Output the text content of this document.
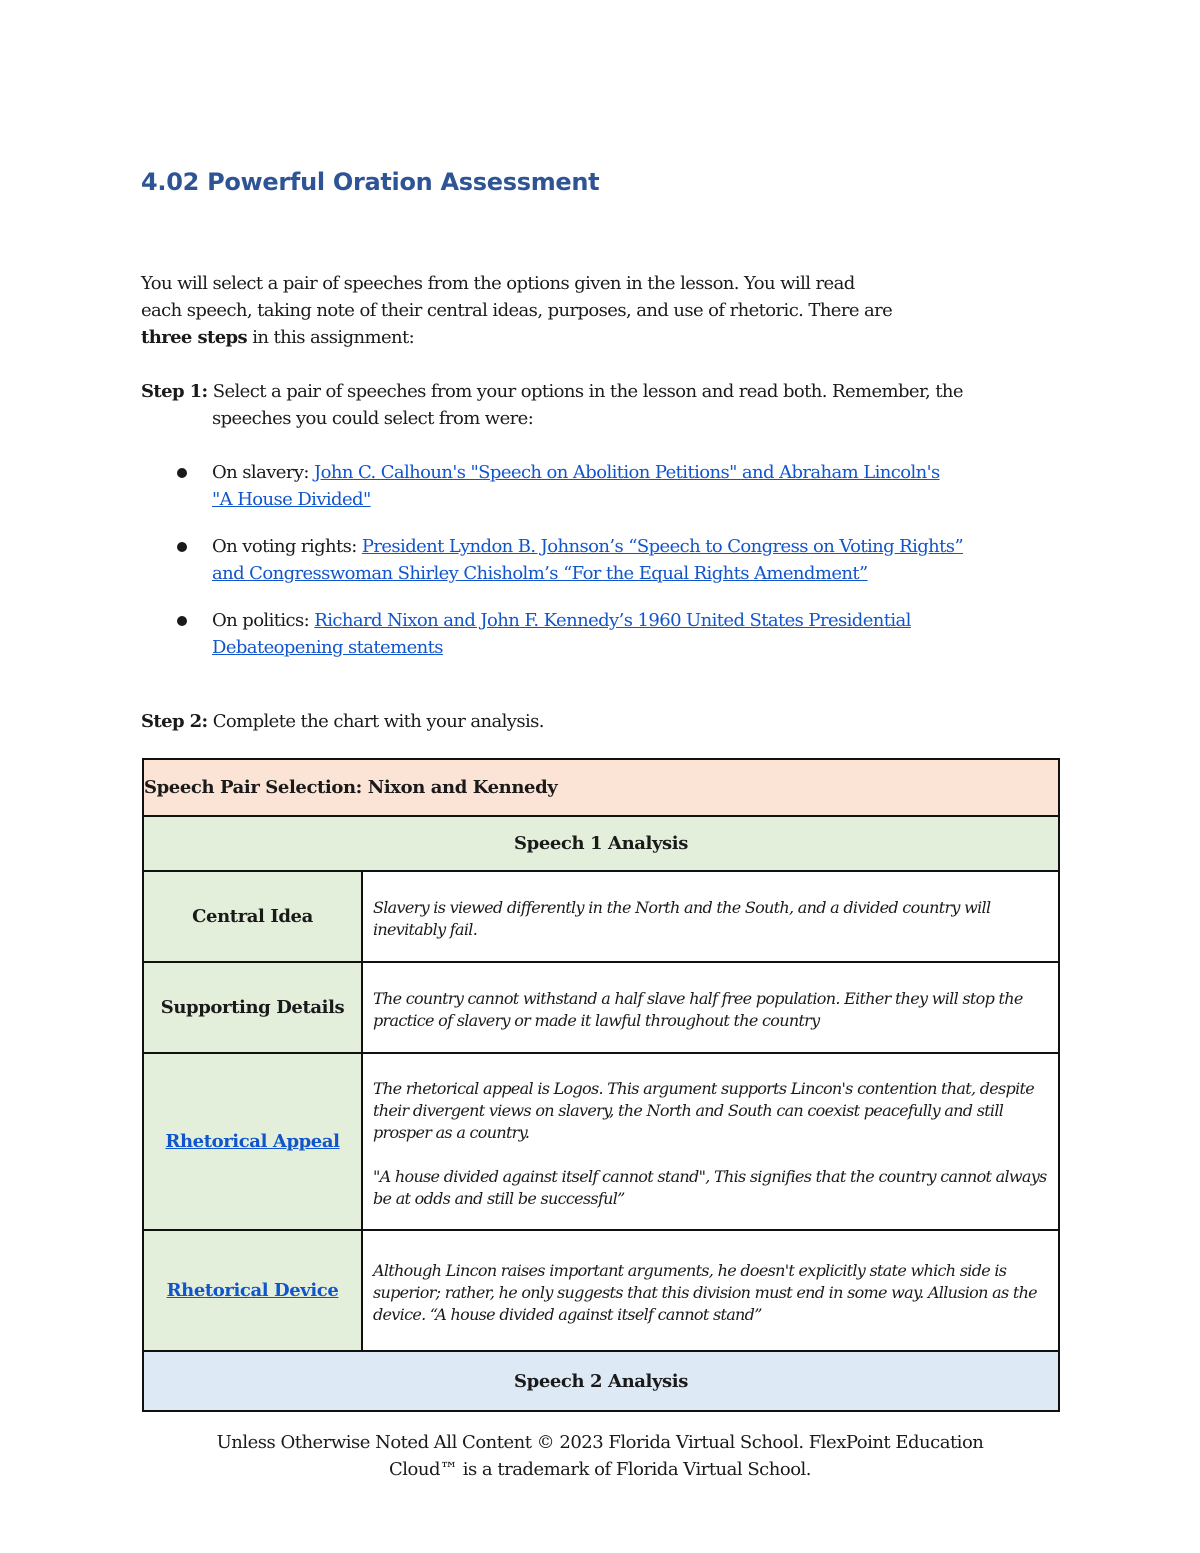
4.02 Powerful Oration Assessment

You will select a pair of speeches from the options given in the lesson. You will read
each speech, taking note of their central ideas, purposes, and use of rhetoric. There are
three steps in this assignment:

Step 1: Select a pair of speeches from your options in the lesson and read both. Remember, the
speeches you could select from were:

On slavery: John C. Calhoun's "Speech on Abolition Petitions" and Abraham Lincoln's
"A House Divided"
On voting rights: President Lyndon B. Johnson’s “Speech to Congress on Voting Rights”
and Congresswoman Shirley Chisholm’s “For the Equal Rights Amendment”
On politics: Richard Nixon and John F. Kennedy’s 1960 United States Presidential
Debateopening statements

Step 2: Complete the chart with your analysis.

Speech Pair Selection: Nixon and Kennedy	
Speech 1 Analysis	
Central Idea	Slavery is viewed differently in the North and the South, and a divided country will inevitably fail.

Supporting Details	The country cannot withstand a half slave half free population. Either they will stop the practice of slavery or made it lawful throughout the country

Rhetorical Appeal	The rhetorical appeal is Logos. This argument supports Lincon's contention that, despite their divergent views on slavery, the North and South can coexist peacefully and still prosper as a country.

"A house divided against itself cannot stand", This signifies that the country cannot always be at odds and still be successful”

Rhetorical Device	Although Lincon raises important arguments, he doesn't explicitly state which side is superior; rather, he only suggests that this division must end in some way. Allusion as the device. “A house divided against itself cannot stand”

Speech 2 Analysis	

Unless Otherwise Noted All Content © 2023 Florida Virtual School. FlexPoint Education
Cloud™ is a trademark of Florida Virtual School.
